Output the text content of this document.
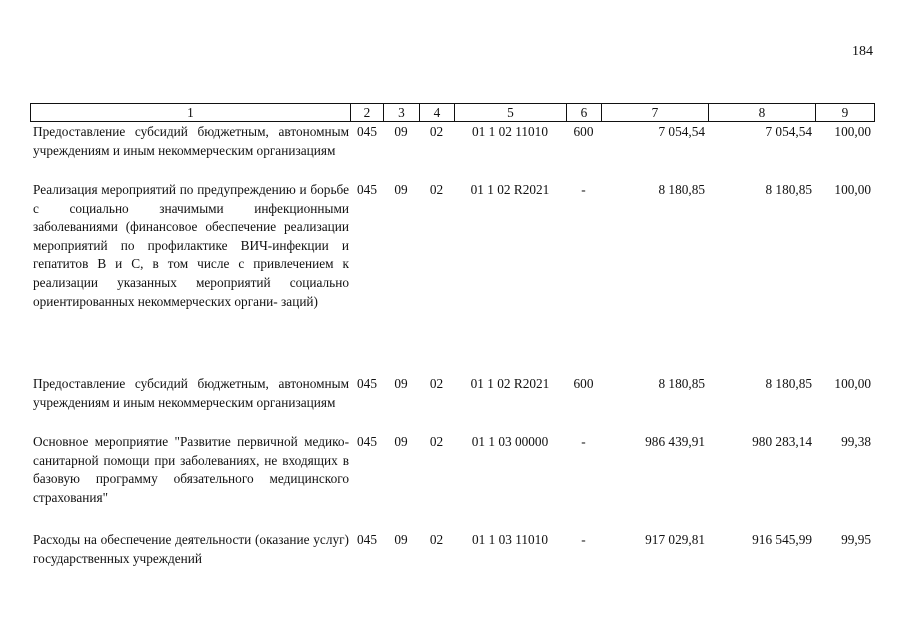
184
1	2	3	4	5	6	7	8	9
Предоставление субсидий бюджетным, автономным учреждениям и иным некоммерческим организациям
045	09	02	01 1 02 11010	600	7 054,54	7 054,54	100,00
Реализация мероприятий по предупреждению и борьбе с социально значимыми инфекционными заболеваниями (финансовое обеспечение реализации мероприятий по профилактике ВИЧ-инфекции и гепатитов В и С, в том числе с привлечением к реализации указанных мероприятий социально ориентированных некоммерческих органи- заций)
045	09	02	01 1 02 R2021	-	8 180,85	8 180,85	100,00
Предоставление субсидий бюджетным, автономным учреждениям и иным некоммерческим организациям
045	09	02	01 1 02 R2021	600	8 180,85	8 180,85	100,00
Основное мероприятие "Развитие первичной медико-санитарной помощи при заболеваниях, не входящих в базовую программу обязательного медицинского страхования"
045	09	02	01 1 03 00000	-	986 439,91	980 283,14	99,38
Расходы на обеспечение деятельности (оказание услуг) государственных учреждений
045	09	02	01 1 03 11010	-	917 029,81	916 545,99	99,95
